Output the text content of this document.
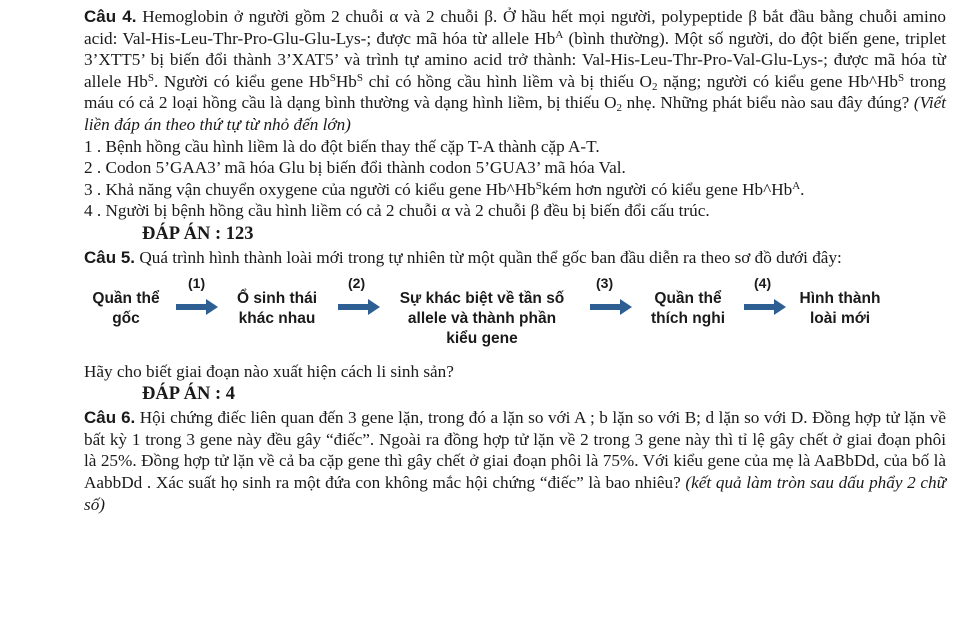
Câu 4. Hemoglobin ở người gồm 2 chuỗi α và 2 chuỗi β. Ở hầu hết mọi người, polypeptide β bắt đầu bằng chuỗi amino acid: Val-His-Leu-Thr-Pro-Glu-Glu-Lys-; được mã hóa từ allele $Hb^A$ (bình thường). Một số người, do đột biến gene, triplet 3’XTT5’ bị biến đổi thành 3’XAT5’ và trình tự amino acid trở thành: Val-His-Leu-Thr-Pro-Val-Glu-Lys-; được mã hóa từ allele $Hb^S$. Người có kiểu gene $Hb^SHb^S$ chỉ có hồng cầu hình liềm và bị thiếu $O_2$ nặng; người có kiểu gene $Hb\^{}Hb^S$ trong máu có cả 2 loại hồng cầu là dạng bình thường và dạng hình liềm, bị thiếu $O_2$ nhẹ. Những phát biểu nào sau đây đúng? (Viết liền đáp án theo thứ tự từ nhỏ đến lớn)

1 . Bệnh hồng cầu hình liềm là do đột biến thay thế cặp T-A thành cặp A-T.

2 . Codon 5’GAA3’ mã hóa Glu bị biến đổi thành codon 5’GUA3’ mã hóa Val.

3 . Khả năng vận chuyển oxygene của người có kiểu gene $Hb\^{}Hb^Ském$ hơn người có kiểu gene $Hb\^{}Hb^A$.

4 . Người bị bệnh hồng cầu hình liềm có cả 2 chuỗi α và 2 chuỗi β đều bị biến đổi cấu trúc.

ĐÁP ÁN : 123

Câu 5. Quá trình hình thành loài mới trong tự nhiên từ một quần thể gốc ban đầu diễn ra theo sơ đồ dưới đây:

Quần thể
gốc
(1)
Ổ sinh thái
khác nhau
(2)
Sự khác biệt về tần số
allele và thành phần
kiểu gene
(3)
Quần thể
thích nghi
(4)
Hình thành
loài mới

Hãy cho biết giai đoạn nào xuất hiện cách li sinh sản?

ĐÁP ÁN : 4

Câu 6. Hội chứng điếc liên quan đến 3 gene lặn, trong đó a lặn so với A ; b lặn so với B; d lặn so với D. Đồng hợp tử lặn về bất kỳ 1 trong 3 gene này đều gây “điếc”. Ngoài ra đồng hợp tử lặn về 2 trong 3 gene này thì tỉ lệ gây chết ở giai đoạn phôi là 25%. Đồng hợp tử lặn về cả ba cặp gene thì gây chết ở giai đoạn phôi là 75%. Với kiểu gene của mẹ là AaBbDd, của bố là AabbDd . Xác suất họ sinh ra một đứa con không mắc hội chứng “điếc” là bao nhiêu? (kết quả làm tròn sau dấu phẩy 2 chữ số)
